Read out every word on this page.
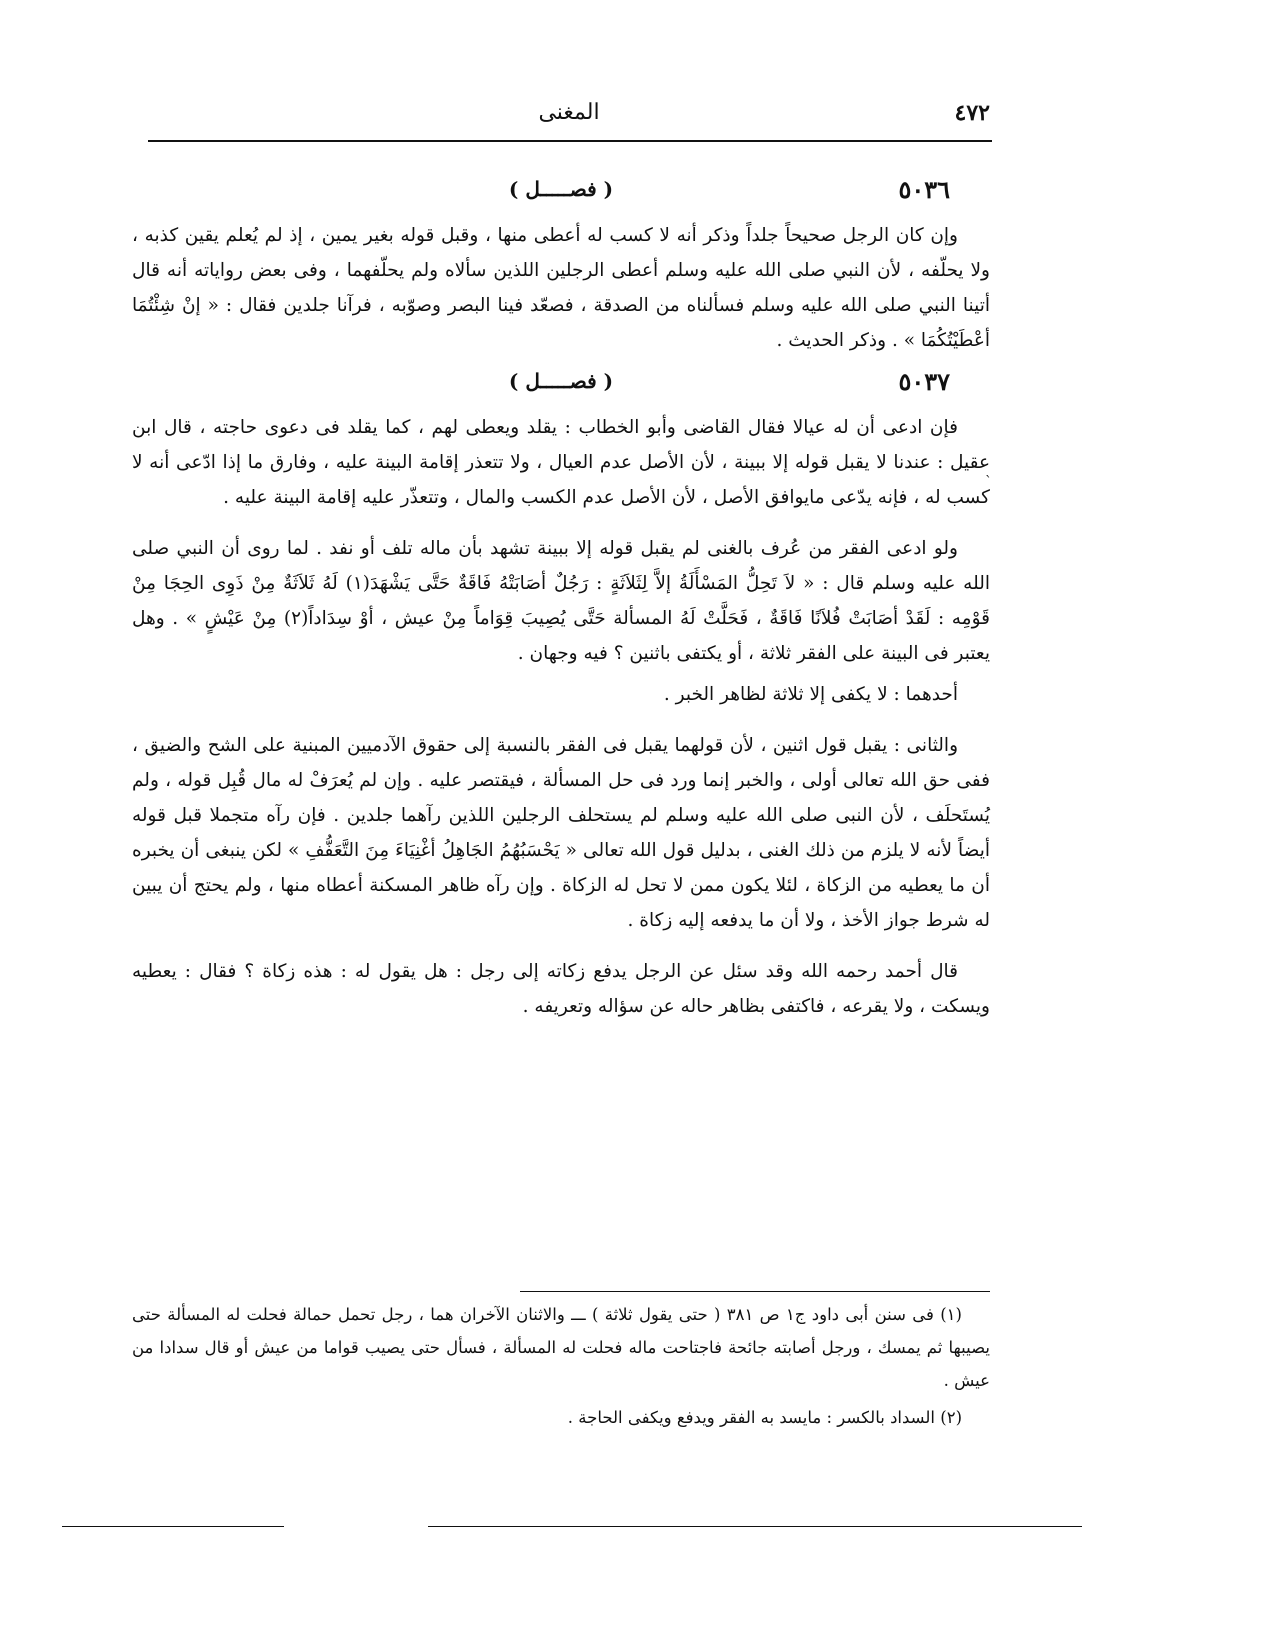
٤٧٢
المغنى
`
٥٠٣٦
( فصـــــل )

وإن كان الرجل صحيحاً جلداً وذكر أنه لا كسب له أعطى منها ، وقبل قوله بغير يمين ، إذ لم يُعلم يقين كذبه ، ولا يحلّفه ، لأن النبي صلى الله عليه وسلم أعطى الرجلين اللذين سألاه ولم يحلّفهما ، وفى بعض رواياته أنه قال أتينا النبي صلى الله عليه وسلم فسألناه من الصدقة ، فصعّد فينا البصر وصوّبه ، فرآنا جلدين فقال : « إنْ شِئْتُمَا أعْطَيْتُكُمَا » . وذكر الحديث .

٥٠٣٧
( فصـــــل )

فإن ادعى أن له عيالا فقال القاضى وأبو الخطاب : يقلد ويعطى لهم ، كما يقلد فى دعوى حاجته ، قال ابن عقيل : عندنا لا يقبل قوله إلا ببينة ، لأن الأصل عدم العيال ، ولا تتعذر إقامة البينة عليه ، وفارق ما إذا ادّعى أنه لا كسب له ، فإنه يدّعى مايوافق الأصل ، لأن الأصل عدم الكسب والمال ، وتتعذّر عليه إقامة البينة عليه .

ولو ادعى الفقر من عُرف بالغنى لم يقبل قوله إلا ببينة تشهد بأن ماله تلف أو نفد . لما روى أن النبي صلى الله عليه وسلم قال : « لاَ تَحِلُّ المَسْأَلَةُ إلاَّ لِثَلاَثَةٍ : رَجُلٌ أصَابَتْهُ فَاقَةٌ حَتَّى يَشْهَدَ(١) لَهُ ثَلاَثَةٌ مِنْ ذَوِى الحِجَا مِنْ قَوْمِه : لَقَدْ أصَابَتْ فُلاَنًا فَاقَةٌ ، فَحَلَّتْ لَهُ المسألة حَتَّى يُصِيبَ قِوَاماً مِنْ عيش ، أوْ سِدَاداً(٢) مِنْ عَيْشٍ » . وهل يعتبر فى البينة على الفقر ثلاثة ، أو يكتفى باثنين ؟ فيه وجهان .

أحدهما : لا يكفى إلا ثلاثة لظاهر الخبر .

والثانى : يقبل قول اثنين ، لأن قولهما يقبل فى الفقر بالنسبة إلى حقوق الآدميين المبنية على الشح والضيق ، ففى حق الله تعالى أولى ، والخبر إنما ورد فى حل المسألة ، فيقتصر عليه . وإن لم يُعرَفْ له مال قُبِل قوله ، ولم يُستَحلَف ، لأن النبى صلى الله عليه وسلم لم يستحلف الرجلين اللذين رآهما جلدين . فإن رآه متجملا قبل قوله أيضاً لأنه لا يلزم من ذلك الغنى ، بدليل قول الله تعالى « يَحْسَبُهُمُ الجَاهِلُ أغْنِيَاءَ مِنَ التَّعَفُّفِ » لكن ينبغى أن يخبره أن ما يعطيه من الزكاة ، لئلا يكون ممن لا تحل له الزكاة . وإن رآه ظاهر المسكنة أعطاه منها ، ولم يحتج أن يبين له شرط جواز الأخذ ، ولا أن ما يدفعه إليه زكاة .

قال أحمد رحمه الله وقد سئل عن الرجل يدفع زكاته إلى رجل : هل يقول له : هذه زكاة ؟ فقال : يعطيه ويسكت ، ولا يقرعه ، فاكتفى بظاهر حاله عن سؤاله وتعريفه .

(١) فى سنن أبى داود ج١ ص ٣٨١ ( حتى يقول ثلاثة ) ـــ والاثنان الآخران هما ، رجل تحمل حمالة فحلت له المسألة حتى يصيبها ثم يمسك ، ورجل أصابته جائحة فاجتاحت ماله فحلت له المسألة ، فسأل حتى يصيب قواما من عيش أو قال سدادا من عيش .

(٢) السداد بالكسر : مايسد به الفقر ويدفع ويكفى الحاجة .
